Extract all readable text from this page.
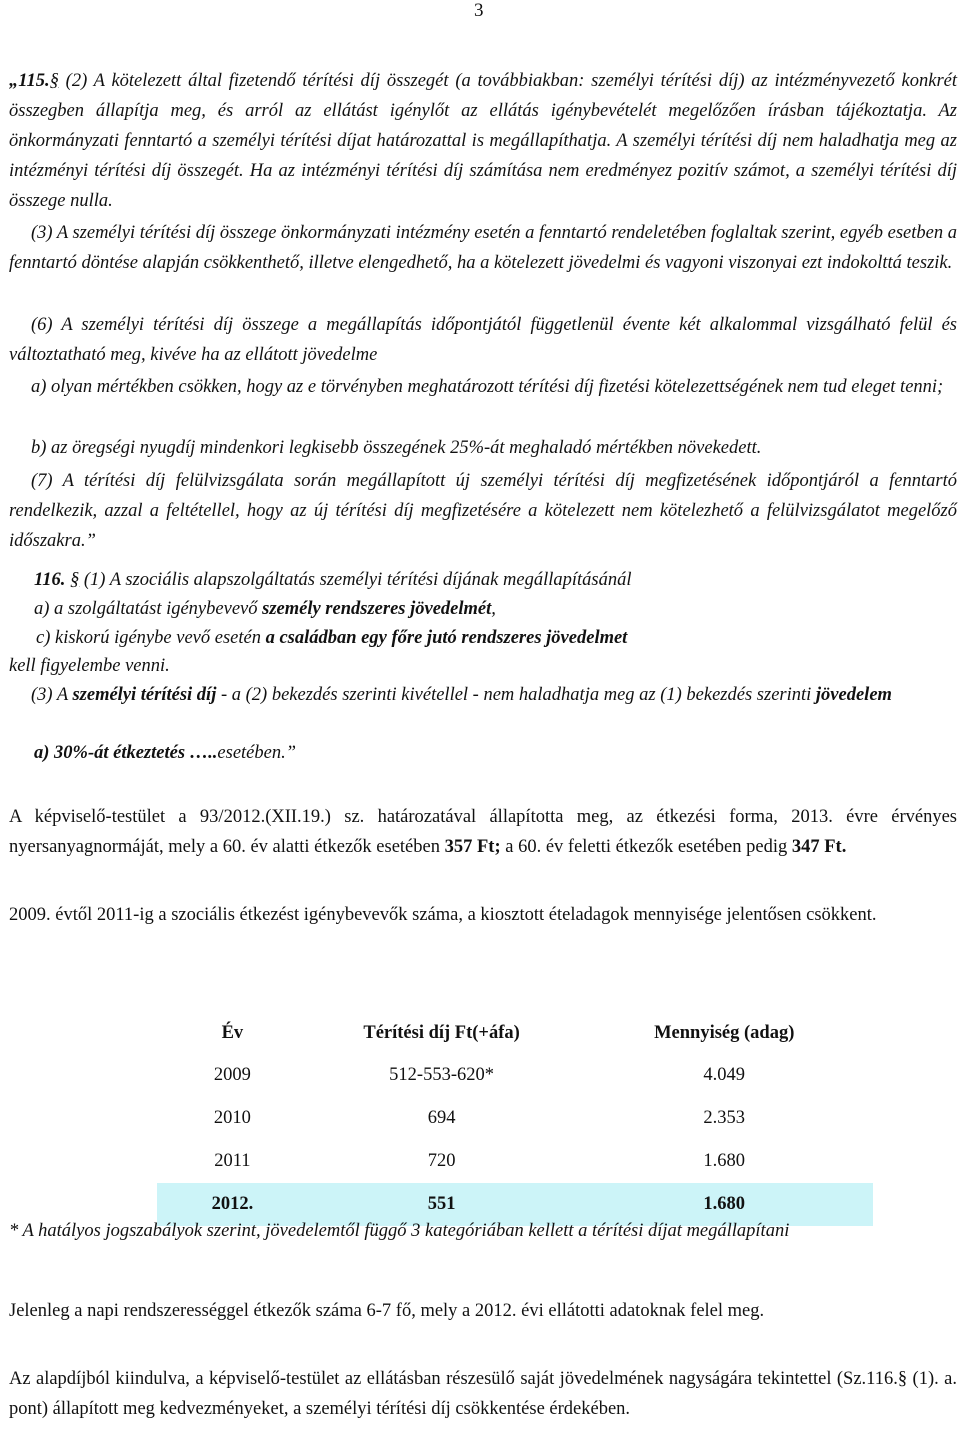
3

„115.§ (2) A kötelezett által fizetendő térítési díj összegét (a továbbiakban: személyi térítési díj) az intézményvezető konkrét összegben állapítja meg, és arról az ellátást igénylőt az ellátás igénybevételét megelőzően írásban tájékoztatja. Az önkormányzati fenntartó a személyi térítési díjat határozattal is megállapíthatja. A személyi térítési díj nem haladhatja meg az intézményi térítési díj összegét. Ha az intézményi térítési díj számítása nem eredményez pozitív számot, a személyi térítési díj összege nulla.

(3) A személyi térítési díj összege önkormányzati intézmény esetén a fenntartó rendeletében foglaltak szerint, egyéb esetben a fenntartó döntése alapján csökkenthető, illetve elengedhető, ha a kötelezett jövedelmi és vagyoni viszonyai ezt indokolttá teszik.

(6) A személyi térítési díj összege a megállapítás időpontjától függetlenül évente két alkalommal vizsgálható felül és változtatható meg, kivéve ha az ellátott jövedelme

a) olyan mértékben csökken, hogy az e törvényben meghatározott térítési díj fizetési kötelezettségének nem tud eleget tenni;

b) az öregségi nyugdíj mindenkori legkisebb összegének 25%-át meghaladó mértékben növekedett.

(7) A térítési díj felülvizsgálata során megállapított új személyi térítési díj megfizetésének időpontjáról a fenntartó rendelkezik, azzal a feltétellel, hogy az új térítési díj megfizetésére a kötelezett nem kötelezhető a felülvizsgálatot megelőző időszakra.”

116. § (1) A szociális alapszolgáltatás személyi térítési díjának megállapításánál

a) a szolgáltatást igénybevevő személy rendszeres jövedelmét,

c) kiskorú igénybe vevő esetén a családban egy főre jutó rendszeres jövedelmet

kell figyelembe venni.

(3) A személyi térítési díj - a (2) bekezdés szerinti kivétellel - nem haladhatja meg az (1) bekezdés szerinti jövedelem

a) 30%-át étkeztetés …..esetében.”

A képviselő-testület a 93/2012.(XII.19.) sz. határozatával állapította meg, az étkezési forma, 2013. évre érvényes nyersanyagnormáját, mely a 60. év alatti étkezők esetében 357 Ft; a 60. év feletti étkezők esetében pedig 347 Ft.

2009. évtől 2011-ig a szociális étkezést igénybevevők száma, a kiosztott ételadagok mennyisége jelentősen csökkent.

Év	Térítési díj Ft(+áfa)	Mennyiség (adag)
2009	512-553-620*	4.049
2010	694	2.353
2011	720	1.680
2012.	551	1.680

* A hatályos jogszabályok szerint, jövedelemtől függő 3 kategóriában kellett a térítési díjat megállapítani

Jelenleg a napi rendszerességgel étkezők száma 6-7 fő, mely a 2012. évi ellátotti adatoknak felel meg.

Az alapdíjból kiindulva, a képviselő-testület az ellátásban részesülő saját jövedelmének nagyságára tekintettel (Sz.116.§ (1). a. pont) állapított meg kedvezményeket, a személyi térítési díj csökkentése érdekében.
